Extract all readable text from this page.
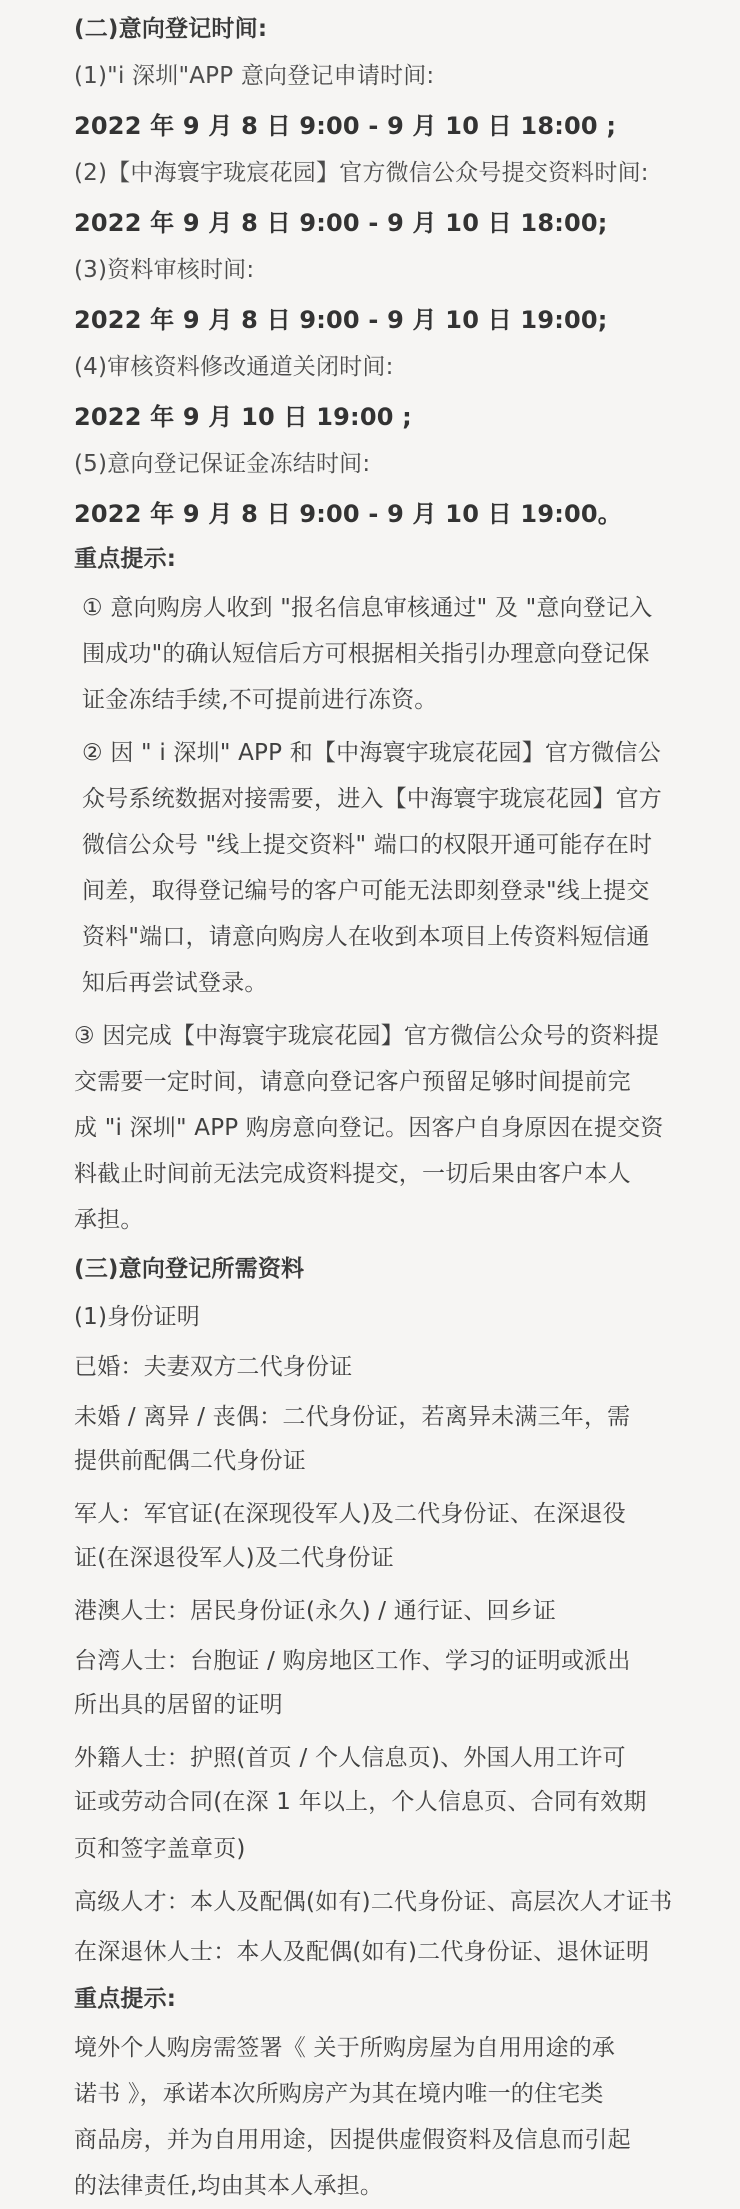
(二)意向登记时间:
(1)"i 深圳"APP 意向登记申请时间:
2022 年 9 月 8 日 9:00 - 9 月 10 日 18:00 ;
(2)【中海寰宇珑宸花园】官方微信公众号提交资料时间:
2022 年 9 月 8 日 9:00 - 9 月 10 日 18:00;
(3)资料审核时间:
2022 年 9 月 8 日 9:00 - 9 月 10 日 19:00;
(4)审核资料修改通道关闭时间:
2022 年 9 月 10 日 19:00 ;
(5)意向登记保证金冻结时间:
2022 年 9 月 8 日 9:00 - 9 月 10 日 19:00。
重点提示:
① 意向购房人收到 "报名信息审核通过" 及 "意向登记入
围成功"的确认短信后方可根据相关指引办理意向登记保
证金冻结手续,不可提前进行冻资。
② 因 " i 深圳" APP 和【中海寰宇珑宸花园】官方微信公
众号系统数据对接需要，进入【中海寰宇珑宸花园】官方
微信公众号 "线上提交资料" 端口的权限开通可能存在时
间差，取得登记编号的客户可能无法即刻登录"线上提交
资料"端口，请意向购房人在收到本项目上传资料短信通
知后再尝试登录。
③ 因完成【中海寰宇珑宸花园】官方微信公众号的资料提
交需要一定时间，请意向登记客户预留足够时间提前完
成 "i 深圳" APP 购房意向登记。因客户自身原因在提交资
料截止时间前无法完成资料提交，一切后果由客户本人
承担。
(三)意向登记所需资料
(1)身份证明
已婚：夫妻双方二代身份证
未婚 / 离异 / 丧偶：二代身份证，若离异未满三年，需
提供前配偶二代身份证
军人：军官证(在深现役军人)及二代身份证、在深退役
证(在深退役军人)及二代身份证
港澳人士：居民身份证(永久) / 通行证、回乡证
台湾人士：台胞证 / 购房地区工作、学习的证明或派出
所出具的居留的证明
外籍人士：护照(首页 / 个人信息页)、外国人用工许可
证或劳动合同(在深 1 年以上，个人信息页、合同有效期
页和签字盖章页)
高级人才：本人及配偶(如有)二代身份证、高层次人才证书
在深退休人士：本人及配偶(如有)二代身份证、退休证明
重点提示:
境外个人购房需签署《 关于所购房屋为自用用途的承
诺书 》，承诺本次所购房产为其在境内唯一的住宅类
商品房，并为自用用途，因提供虚假资料及信息而引起
的法律责任,均由其本人承担。
